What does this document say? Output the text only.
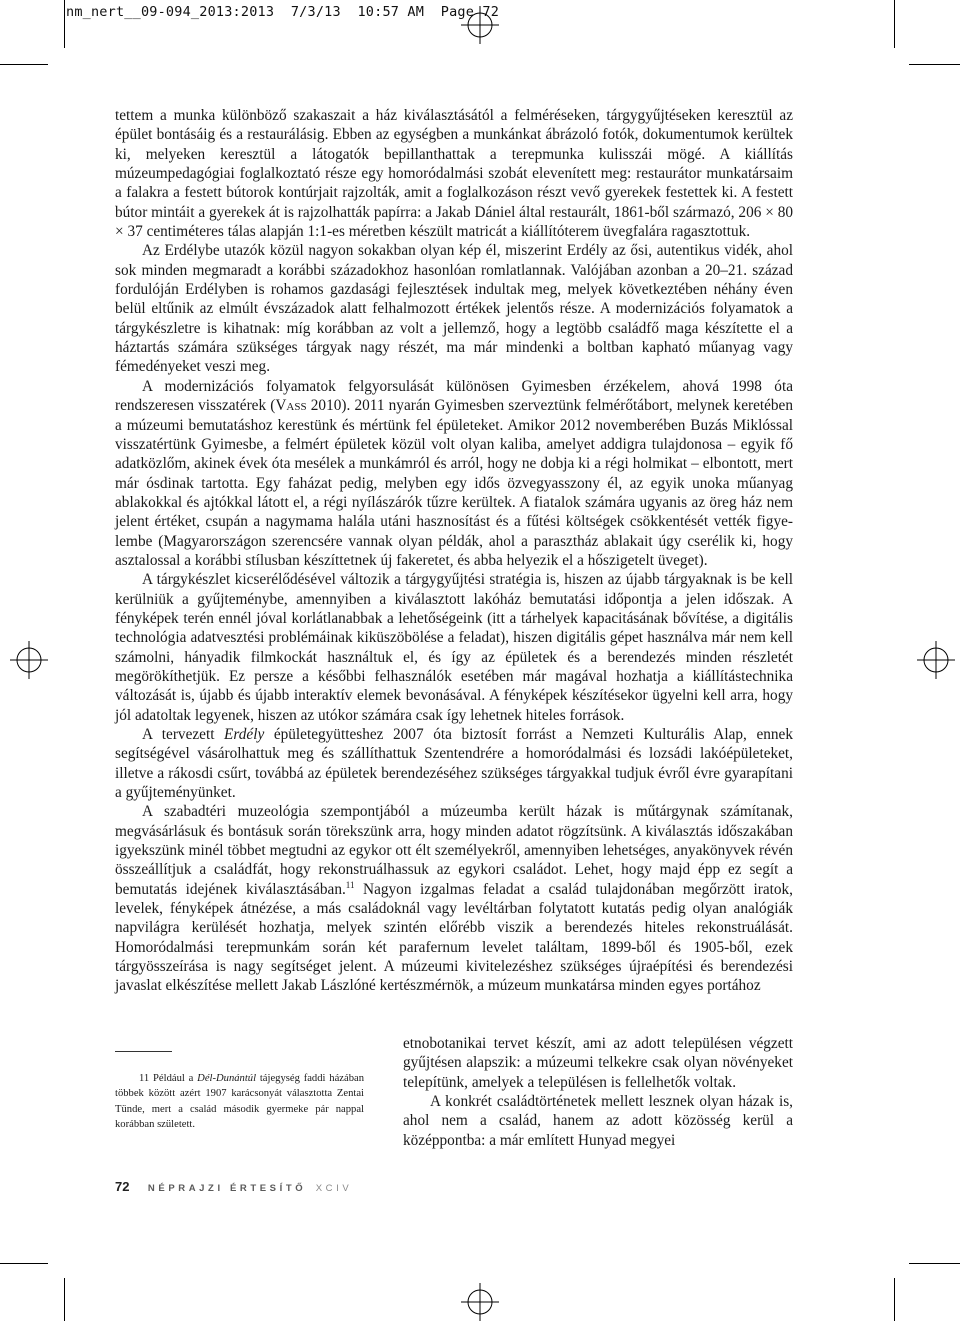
nm_nert__09-094_2013:2013  7/3/13  10:57 AM  Page 72

tettem a munka különböző szakaszait a ház kiválasztásától a felméréseken, tárgygyűjtéseken keresztül az épület bontásáig és a restaurálásig. Ebben az egységben a munkánkat ábrázoló fotók, dokumentumok kerültek ki, melyeken keresztül a látogatók bepillanthattak a terepmunka kulisszái mögé. A kiállítás múzeumpedagógiai foglalkoztató része egy homoródalmási szobát elevenített meg: restaurátor munkatársaim a falakra a festett bútorok kontúrjait rajzolták, amit a foglalkozáson részt vevő gyerekek festettek ki. A festett bútor mintáit a gyerekek át is rajzolhatták papírra: a Jakab Dániel által restaurált, 1861-ből származó, 206 × 80 × 37 centiméteres tálas alapján 1:1-es méretben készült matricát a kiállítóterem üvegfalára ragasztottuk.

Az Erdélybe utazók közül nagyon sokakban olyan kép él, miszerint Erdély az ősi, autentikus vidék, ahol sok minden megmaradt a korábbi századokhoz hasonlóan romlatlannak. Valójában azonban a 20–21. század fordulóján Erdélyben is rohamos gazdasági fejlesztések indultak meg, melyek következtében néhány éven belül eltűnik az elmúlt évszázadok alatt felhalmozott értékek jelentős része. A modernizációs folyamatok a tárgykészletre is kihatnak: míg korábban az volt a jellemző, hogy a legtöbb családfő maga készítette el a háztartás számára szükséges tárgyak nagy részét, ma már mindenki a boltban kapható műanyag vagy fémedényeket veszi meg.

A modernizációs folyamatok felgyorsulását különösen Gyimesben érzékelem, ahová 1998 óta rendszeresen visszatérek (Vass 2010). 2011 nyarán Gyimesben szerveztünk felmérőtábort, melynek keretében a múzeumi bemutatáshoz kerestünk és mértünk fel épületeket. Amikor 2012 novemberében Buzás Miklóssal visszatértünk Gyimesbe, a felmért épületek közül volt olyan kaliba, amelyet addigra tulajdonosa – egyik fő adatközlőm, akinek évek óta mesélek a munkámról és arról, hogy ne dobja ki a régi holmikat – elbontott, mert már ósdinak tartotta. Egy faházat pedig, melyben egy idős özvegyasszony él, az egyik unoka műanyag ablakokkal és ajtókkal látott el, a régi nyílászárók tűzre kerültek. A fiatalok számára ugyanis az öreg ház nem jelent értéket, csupán a nagymama halála utáni hasznosítást és a fűtési költségek csökkentését vették figyelembe (Magyarországon szerencsére vannak olyan példák, ahol a parasztház ablakait úgy cserélik ki, hogy asztalossal a korábbi stílusban készíttetnek új fakeretet, és abba helyezik el a hőszigetelt üveget).

A tárgykészlet kicserélődésével változik a tárgygyűjtési stratégia is, hiszen az újabb tárgyaknak is be kell kerülniük a gyűjteménybe, amennyiben a kiválasztott lakóház bemutatási időpontja a jelen időszak. A fényképek terén ennél jóval korlátlanabbak a lehetőségeink (itt a tárhelyek kapacitásának bővítése, a digitális technológia adatvesztési problémáinak kiküszöbölése a feladat), hiszen digitális gépet használva már nem kell számolni, hányadik filmkockát használtuk el, és így az épületek és a berendezés minden részletét megörökíthetjük. Ez persze a későbbi felhasználók esetében már magával hozhatja a kiállítástechnika változását is, újabb és újabb interaktív elemek bevonásával. A fényképek készítésekor ügyelni kell arra, hogy jól adatoltak legyenek, hiszen az utókor számára csak így lehetnek hiteles források.

A tervezett Erdély épületegyütteshez 2007 óta biztosít forrást a Nemzeti Kulturális Alap, ennek segítségével vásárolhattuk meg és szállíthattuk Szentendrére a homoródalmási és lozsádi lakóépületeket, illetve a rákosdi csűrt, továbbá az épületek berendezéséhez szükséges tárgyakkal tudjuk évről évre gyarapítani a gyűjteményünket.

A szabadtéri muzeológia szempontjából a múzeumba került házak is műtárgynak számítanak, megvásárlásuk és bontásuk során törekszünk arra, hogy minden adatot rögzítsünk. A kiválasztás időszakában igyekszünk minél többet megtudni az egykor ott élt személyekről, amennyiben lehetséges, anyakönyvek révén összeállítjuk a családfát, hogy rekonstruálhassuk az egykori családot. Lehet, hogy majd épp ez segít a bemutatás idejének kiválasztásában.$^{11}$ Nagyon izgalmas feladat a család tulajdonában megőrzött iratok, levelek, fényképek átnézése, a más családoknál vagy levéltárban folytatott kutatás pedig olyan analógiák napvilágra kerülését hozhatja, melyek szintén előrébb viszik a berendezés hiteles rekonstruálását. Homoródalmási terepmunkám során két parafernum levelet találtam, 1899-ből és 1905-ből, ezek tárgyösszeírása is nagy segítséget jelent. A múzeumi kivitelezéshez szükséges újraépítési és berendezési javaslat elkészítése mellett Jakab Lászlóné kertészmérnök, a múzeum munkatársa minden egyes portához

etnobotanikai tervet készít, ami az adott településen végzett gyűjtésen alapszik: a múzeumi telkekre csak olyan növényeket telepítünk, amelyek a településen is fellelhetők voltak.

A konkrét családtörténetek mellett lesznek olyan házak is, ahol nem a család, hanem az adott közösség kerül a középpontba: a már említett Hunyad megyei

11 Például a Dél-Dunántúl tájegység faddi házában többek között azért 1907 karácsonyát választotta Zentai Tünde, mert a család második gyermeke pár nappal korábban született.

72 NÉPRAJZI ÉRTESÍTŐ XCIV
